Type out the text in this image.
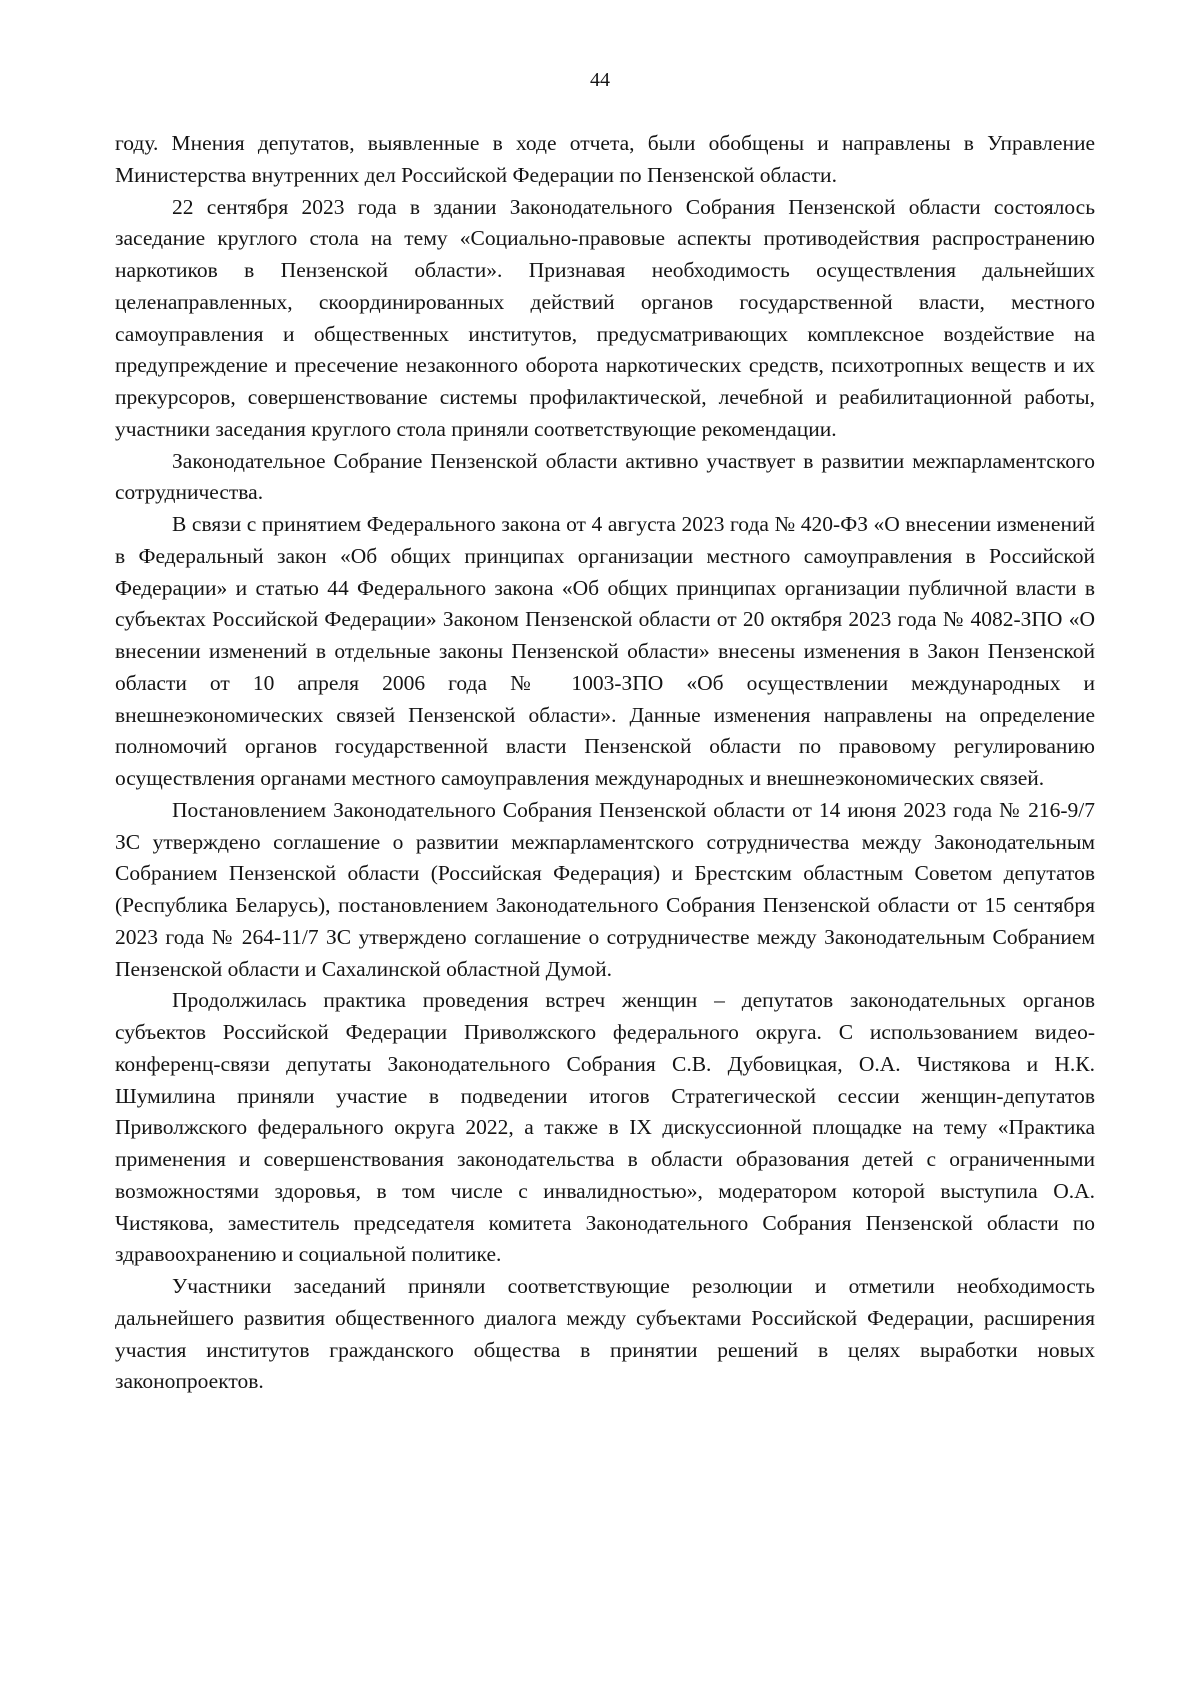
44

году. Мнения депутатов, выявленные в ходе отчета, были обобщены и направлены в Управление Министерства внутренних дел Российской Федерации по Пензенской области.

22 сентября 2023 года в здании Законодательного Собрания Пензенской области состоялось заседание круглого стола на тему «Социально-правовые аспекты противодействия распространению наркотиков в Пензенской области». Признавая необходимость осуществления дальнейших целенаправленных, скоординированных действий органов государственной власти, местного самоуправления и общественных институтов, предусматривающих комплексное воздействие на предупреждение и пресечение незаконного оборота наркотических средств, психотропных веществ и их прекурсоров, совершенствование системы профилактической, лечебной и реабилитационной работы, участники заседания круглого стола приняли соответствующие рекомендации.

Законодательное Собрание Пензенской области активно участвует в развитии межпарламентского сотрудничества.

В связи с принятием Федерального закона от 4 августа 2023 года № 420-ФЗ «О внесении изменений в Федеральный закон «Об общих принципах организации местного самоуправления в Российской Федерации» и статью 44 Федерального закона «Об общих принципах организации публичной власти в субъектах Российской Федерации» Законом Пензенской области от 20 октября 2023 года № 4082-ЗПО «О внесении изменений в отдельные законы Пензенской области» внесены изменения в Закон Пензенской области от 10 апреля 2006 года № 1003-ЗПО «Об осуществлении международных и внешнеэкономических связей Пензенской области». Данные изменения направлены на определение полномочий органов государственной власти Пензенской области по правовому регулированию осуществления органами местного самоуправления международных и внешнеэкономических связей.

Постановлением Законодательного Собрания Пензенской области от 14 июня 2023 года № 216-9/7 ЗС утверждено соглашение о развитии межпарламентского сотрудничества между Законодательным Собранием Пензенской области (Российская Федерация) и Брестским областным Советом депутатов (Республика Беларусь), постановлением Законодательного Собрания Пензенской области от 15 сентября 2023 года № 264-11/7 ЗС утверждено соглашение о сотрудничестве между Законодательным Собранием Пензенской области и Сахалинской областной Думой.

Продолжилась практика проведения встреч женщин – депутатов законодательных органов субъектов Российской Федерации Приволжского федерального округа. С использованием видео-конференц-связи депутаты Законодательного Собрания С.В. Дубовицкая, О.А. Чистякова и Н.К. Шумилина приняли участие в подведении итогов Стратегической сессии женщин-депутатов Приволжского федерального округа 2022, а также в IX дискуссионной площадке на тему «Практика применения и совершенствования законодательства в области образования детей с ограниченными возможностями здоровья, в том числе с инвалидностью», модератором которой выступила О.А. Чистякова, заместитель председателя комитета Законодательного Собрания Пензенской области по здравоохранению и социальной политике.

Участники заседаний приняли соответствующие резолюции и отметили необходимость дальнейшего развития общественного диалога между субъектами Российской Федерации, расширения участия институтов гражданского общества в принятии решений в целях выработки новых законопроектов.
